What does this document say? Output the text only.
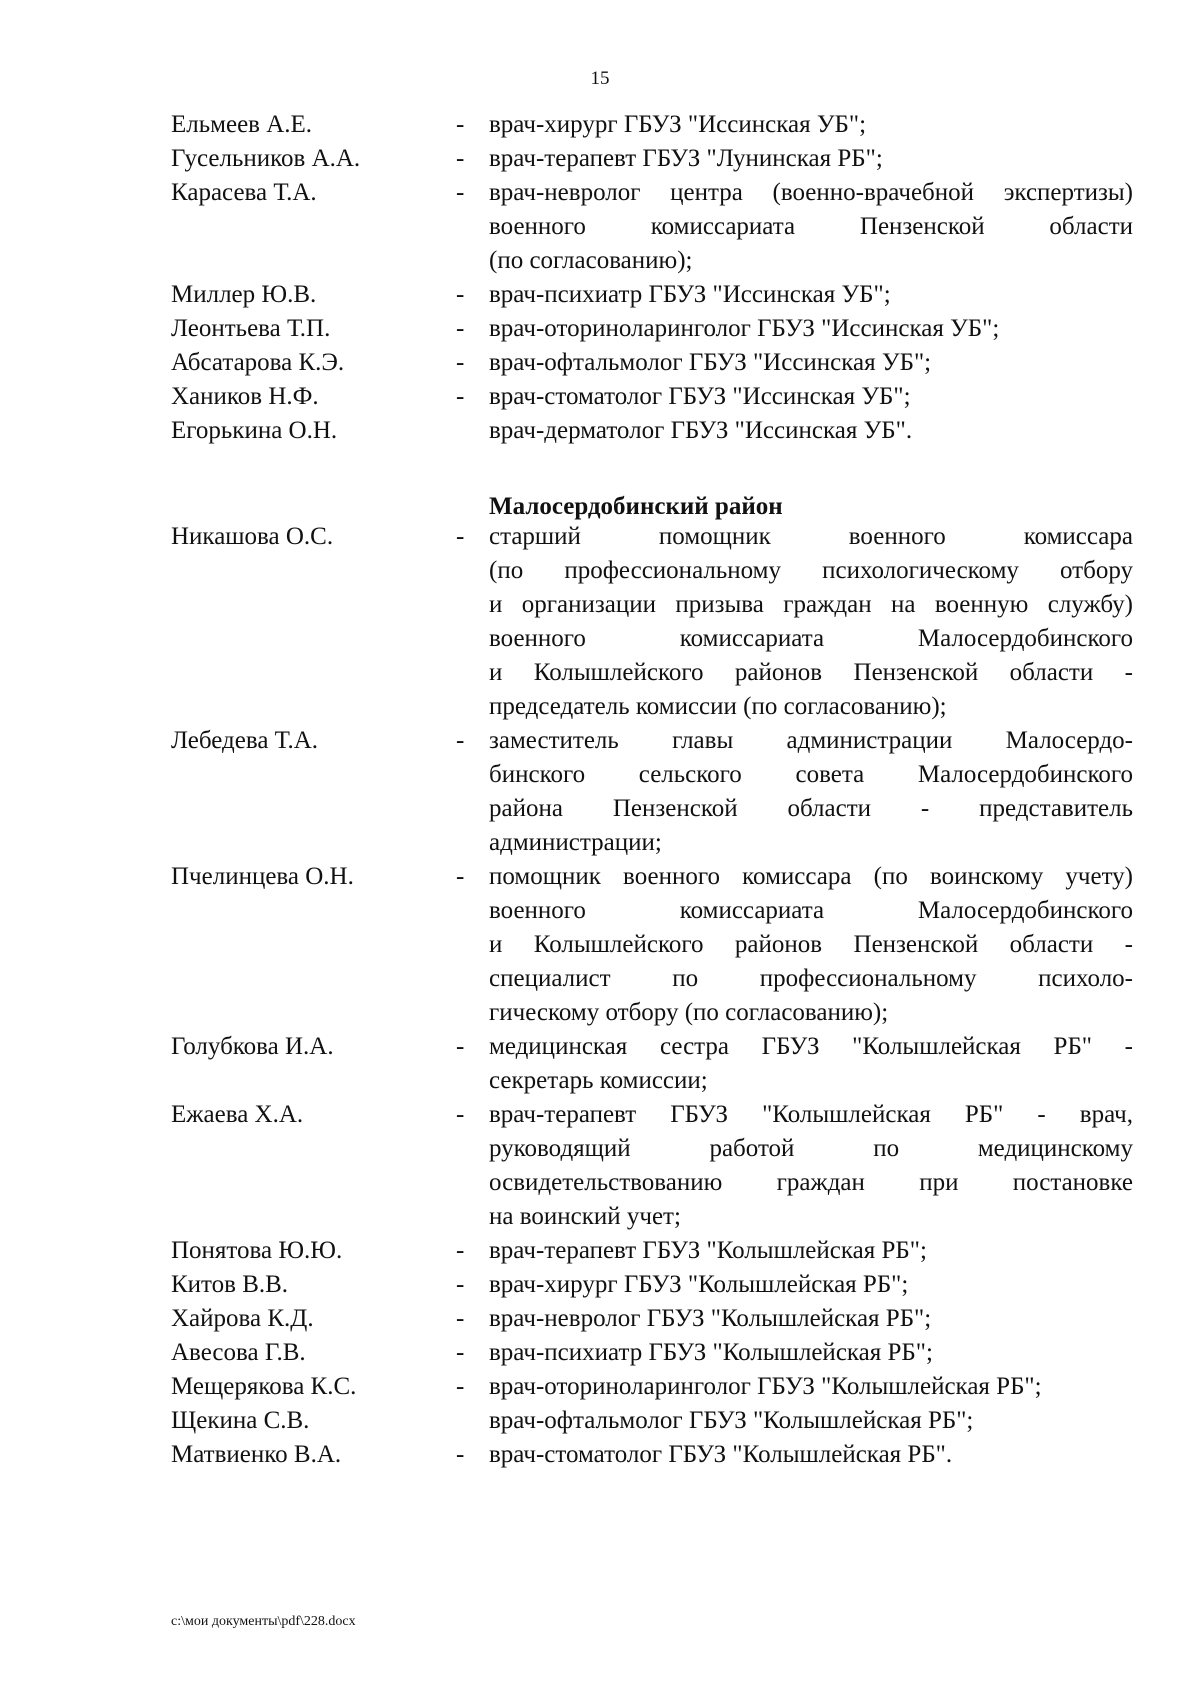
15
Ельмеев А.Е.	- врач-хирург ГБУЗ "Иссинская УБ";
Гусельников А.А.	- врач-терапевт ГБУЗ "Лунинская РБ";
Карасева Т.А.	- врач-невролог центра (военно-врачебной экспертизы)
военного комиссариата Пензенской области
(по согласованию);
Миллер Ю.В.	- врач-психиатр ГБУЗ "Иссинская УБ";
Леонтьева Т.П.	- врач-оториноларинголог ГБУЗ "Иссинская УБ";
Абсатарова К.Э.	- врач-офтальмолог ГБУЗ "Иссинская УБ";
Хаников Н.Ф.	- врач-стоматолог ГБУЗ "Иссинская УБ";
Егорькина О.Н.	врач-дерматолог ГБУЗ "Иссинская УБ".
Малосердобинский район
Никашова О.С.	- старший помощник военного комиссара
(по профессиональному психологическому отбору
и организации призыва граждан на военную службу)
военного комиссариата Малосердобинского
и Колышлейского районов Пензенской области -
председатель комиссии (по согласованию);
Лебедева Т.А.	- заместитель главы администрации Малосердо-
бинского сельского совета Малосердобинского
района Пензенской области - представитель
администрации;
Пчелинцева О.Н.	- помощник военного комиссара (по воинскому учету)
военного комиссариата Малосердобинского
и Колышлейского районов Пензенской области -
специалист по профессиональному психоло-
гическому отбору (по согласованию);
Голубкова И.А.	- медицинская сестра ГБУЗ "Колышлейская РБ" -
секретарь комиссии;
Ежаева Х.А.	- врач-терапевт ГБУЗ "Колышлейская РБ" - врач,
руководящий работой по медицинскому
освидетельствованию граждан при постановке
на воинский учет;
Понятова Ю.Ю.	- врач-терапевт ГБУЗ "Колышлейская РБ";
Китов В.В.	- врач-хирург ГБУЗ "Колышлейская РБ";
Хайрова К.Д.	- врач-невролог ГБУЗ "Колышлейская РБ";
Авесова Г.В.	- врач-психиатр ГБУЗ "Колышлейская РБ";
Мещерякова К.С.	- врач-оториноларинголог ГБУЗ "Колышлейская РБ";
Щекина С.В.	врач-офтальмолог ГБУЗ "Колышлейская РБ";
Матвиенко В.А.	- врач-стоматолог ГБУЗ "Колышлейская РБ".
c:\мои документы\pdf\228.docx
